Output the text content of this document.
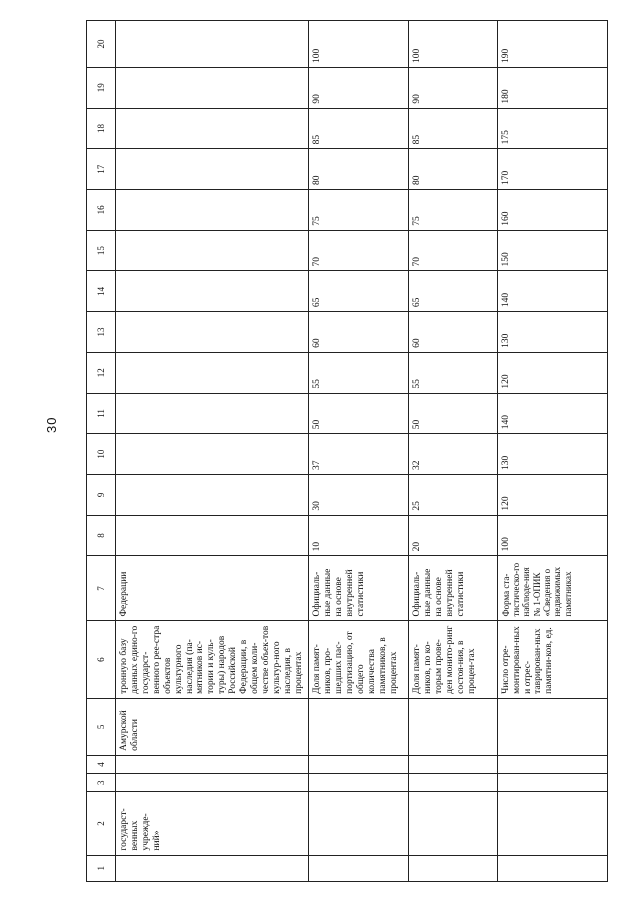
30
1	2	3	4	5	6	7	8	9	10	11	12	13	14	15	16	17	18	19	20
	государст-венных учрежде-ний»			Амурской области	тронную базу данных едино-го государст-венного рее-стра объектов культурного наследия (па-мятников ис-тории и куль-туры) народов Российской Федерации, в общем коли-честве объек-тов культур-ного наследия, в процентах	Федерации													
					Доля памят-ников, про-шедших пас-портизацию, от общего количества памятников, в процентах	Официаль-ные данные на основе внутренней статистики	10	30	37	50	55	60	65	70	75	80	85	90	100
					Доля памят-ников, по ко-торым прове-ден монито-ринг состоя-ния, в процен-тах	Официаль-ные данные на основе внутренней статистики	20	25	32	50	55	60	65	70	75	80	85	90	100
					Число отре-монтирован-ных и отрес-таврирован-ных памятни-ков, ед.	Форма ста-тистическо-го наблюде-ния № 1-ОПИК «Сведения о недвижимых памятниках	100	120	130	140	120	130	140	150	160	170	175	180	190
